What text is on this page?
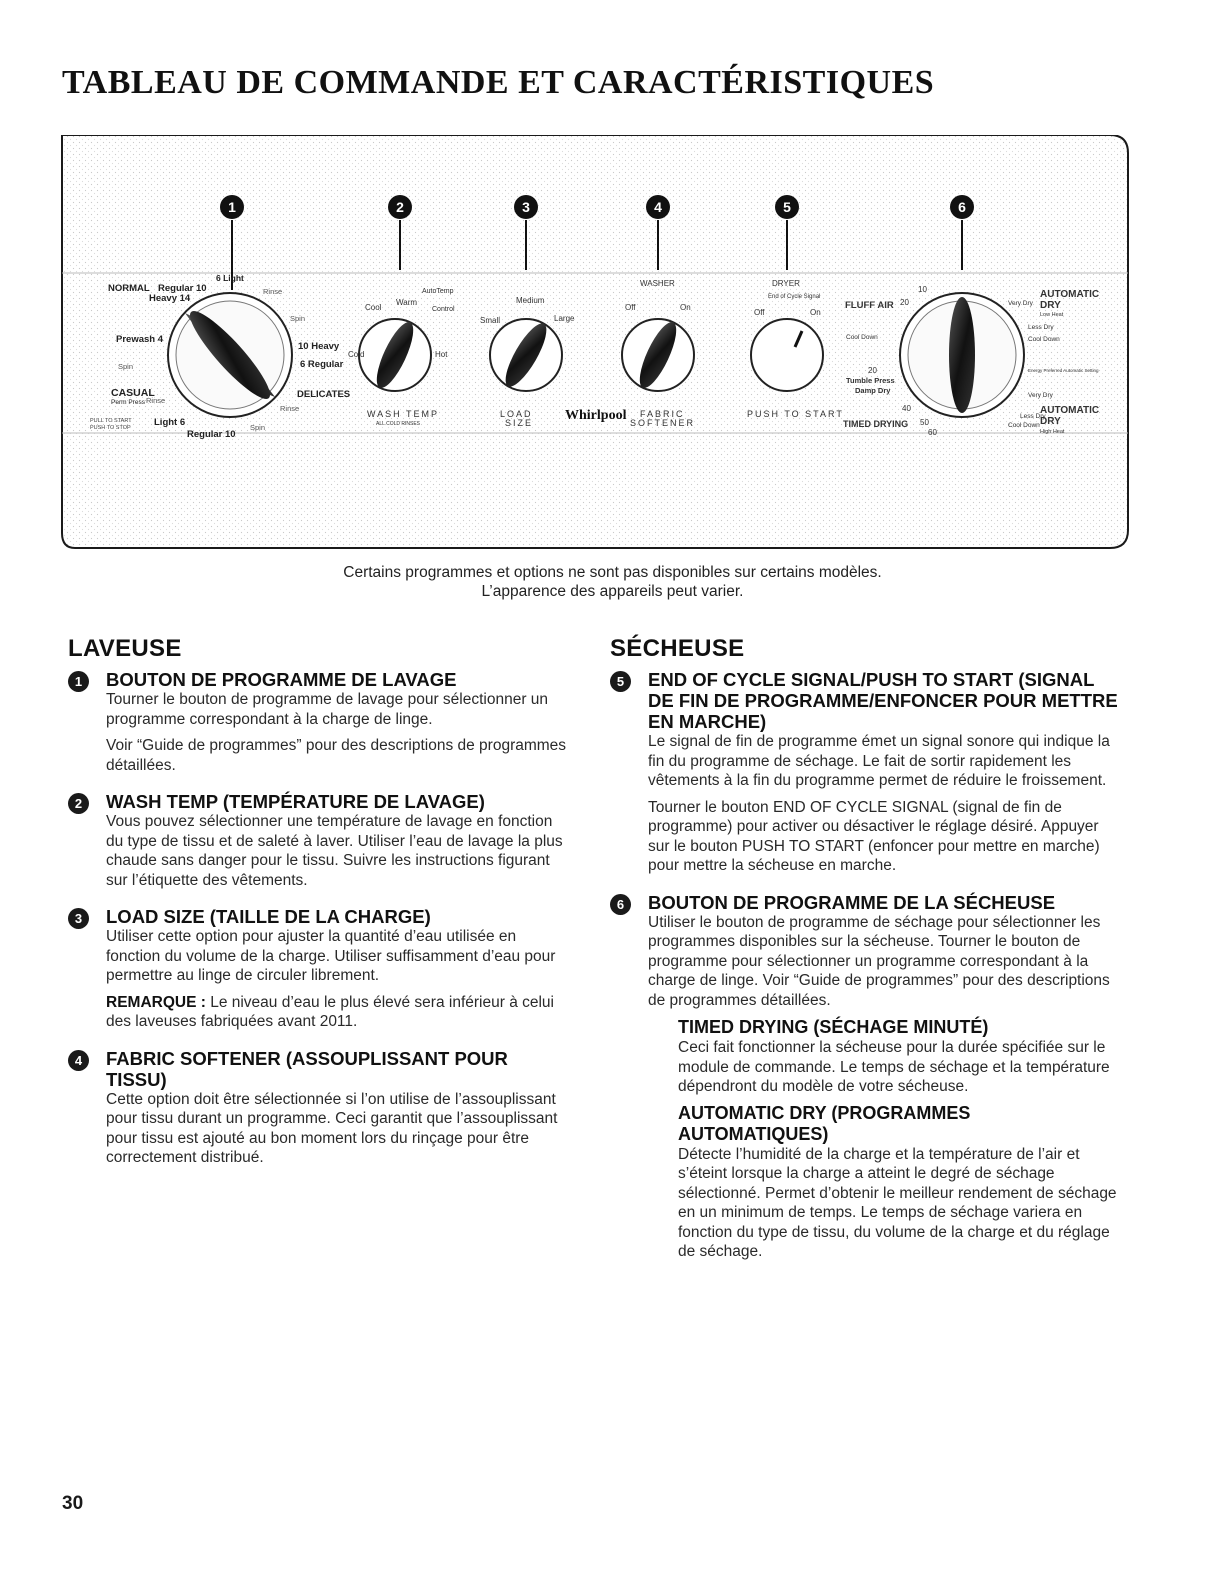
TABLEAU DE COMMANDE ET CARACTÉRISTIQUES
1	2	3	4	5	6
NORMAL Regular 10
6 Light
Heavy 14
Rinse
Spin
Prewash 4
10 Heavy
6 Regular
Spin
CASUAL
Perm Press Rinse
DELICATES
Rinse
Light 6
Regular 10
Spin
PULL TO START
PUSH TO STOP
Cool
Warm
AutoTemp
Control
Cold	Hot
WASH TEMP
ALL COLD RINSES
Small
Medium
Large
LOAD
SIZE Whirlpool
WASHER
Off	On
FABRIC
SOFTENER
DRYER
End of Cycle Signal
Off	On
PUSH TO START
10
FLUFF AIR 20
Cool Down
20
Tumble Press
Damp Dry
40
TIMED DRYING 50
60
AUTOMATIC
DRY
Very Dry
Low Heat
Less Dry
Cool Down
Energy Preferred Automatic Setting
Very Dry
AUTOMATIC
DRY
Less Dry
Cool Down
High Heat
Certains programmes et options ne sont pas disponibles sur certains modèles.
L’apparence des appareils peut varier.
LAVEUSE
1	BOUTON DE PROGRAMME DE LAVAGE

Tourner le bouton de programme de lavage pour sélectionner un programme correspondant à la charge de linge.

Voir “Guide de programmes” pour des descriptions de programmes détaillées.

2	WASH TEMP (TEMPÉRATURE DE LAVAGE)

Vous pouvez sélectionner une température de lavage en fonction du type de tissu et de saleté à laver. Utiliser l’eau de lavage la plus chaude sans danger pour le tissu. Suivre les instructions figurant sur l’étiquette des vêtements.

3	LOAD SIZE (TAILLE DE LA CHARGE)

Utiliser cette option pour ajuster la quantité d’eau utilisée en fonction du volume de la charge. Utiliser suffisamment d’eau pour permettre au linge de circuler librement.

REMARQUE : Le niveau d’eau le plus élevé sera inférieur à celui des laveuses fabriquées avant 2011.

4	FABRIC SOFTENER (ASSOUPLISSANT POUR TISSU)

Cette option doit être sélectionnée si l’on utilise de l’assouplissant pour tissu durant un programme. Ceci garantit que l’assouplissant pour tissu est ajouté au bon moment lors du rinçage pour être correctement distribué.

SÉCHEUSE
5	END OF CYCLE SIGNAL/PUSH TO START (SIGNAL DE FIN DE PROGRAMME/ENFONCER POUR METTRE EN MARCHE)

Le signal de fin de programme émet un signal sonore qui indique la fin du programme de séchage. Le fait de sortir rapidement les vêtements à la fin du programme permet de réduire le froissement.

Tourner le bouton END OF CYCLE SIGNAL (signal de fin de programme) pour activer ou désactiver le réglage désiré. Appuyer sur le bouton PUSH TO START (enfoncer pour mettre en marche) pour mettre la sécheuse en marche.

6	BOUTON DE PROGRAMME DE LA SÉCHEUSE

Utiliser le bouton de programme de séchage pour sélectionner les programmes disponibles sur la sécheuse. Tourner le bouton de programme pour sélectionner un programme correspondant à la charge de linge. Voir “Guide de programmes” pour des descriptions de programmes détaillées.

TIMED DRYING (SÉCHAGE MINUTÉ)

Ceci fait fonctionner la sécheuse pour la durée spécifiée sur le module de commande. Le temps de séchage et la température dépendront du modèle de votre sécheuse.

AUTOMATIC DRY (PROGRAMMES AUTOMATIQUES)

Détecte l’humidité de la charge et la température de l’air et s’éteint lorsque la charge a atteint le degré de séchage sélectionné. Permet d’obtenir le meilleur rendement de séchage en un minimum de temps. Le temps de séchage variera en fonction du type de tissu, du volume de la charge et du réglage de séchage.

30
